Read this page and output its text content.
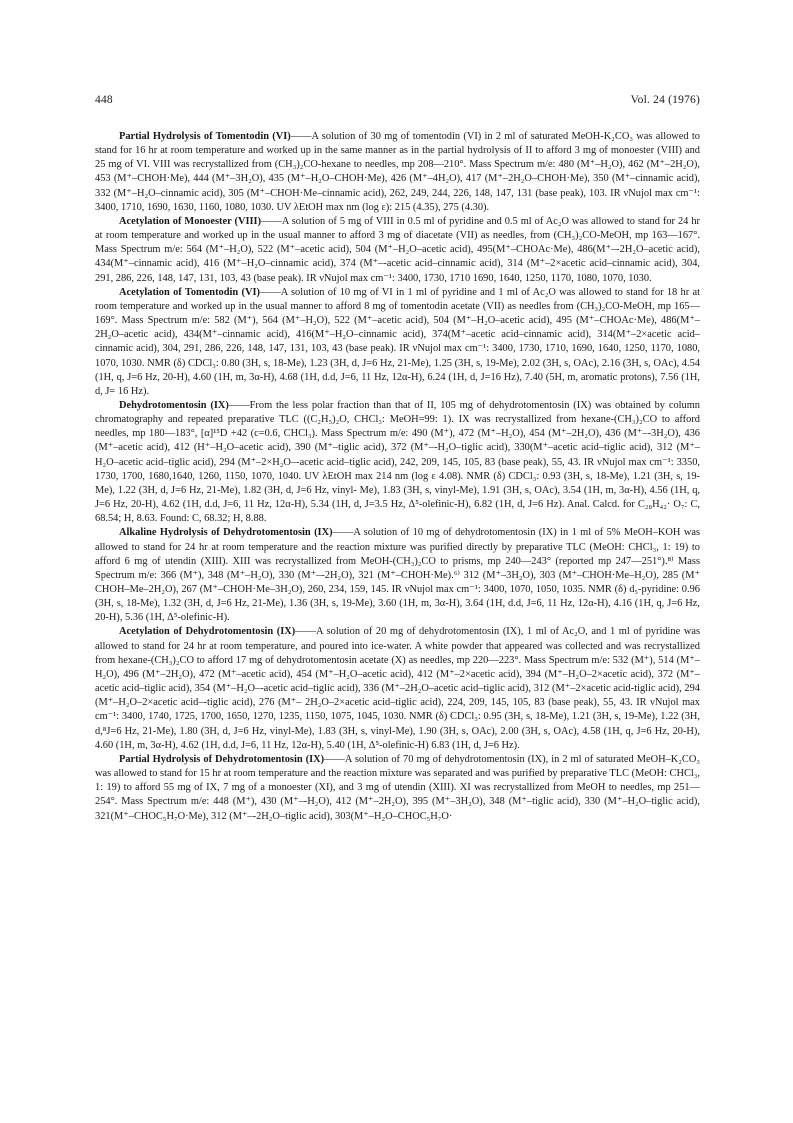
448	Vol. 24 (1976)

Partial Hydrolysis of Tomentodin (VI)——A solution of 30 mg of tomentodin (VI) in 2 ml of saturated MeOH-K₂CO₃ was allowed to stand for 16 hr at room temperature and worked up in the same manner as in the partial hydrolysis of II to afford 3 mg of monoester (VIII) and 25 mg of VI. VIII was recrystallized from (CH₃)₂CO-hexane to needles, mp 208—210°. Mass Spectrum m/e: 480 (M⁺–H₂O), 462 (M⁺–2H₂O), 453 (M⁺–CHOH·Me), 444 (M⁺–3H₂O), 435 (M⁺–H₂O–CHOH·Me), 426 (M⁺–4H₂O), 417 (M⁺–2H₂O–CHOH·Me), 350 (M⁺–cinnamic acid), 332 (M⁺–H₂O–cinnamic acid), 305 (M⁺–CHOH·Me–cinnamic acid), 262, 249, 244, 226, 148, 147, 131 (base peak), 103. IR νNujol max cm⁻¹: 3400, 1710, 1690, 1630, 1160, 1080, 1030. UV λEtOH max nm (log ε): 215 (4.35), 275 (4.30).

Acetylation of Monoester (VIII)——A solution of 5 mg of VIII in 0.5 ml of pyridine and 0.5 ml of Ac₂O was allowed to stand for 24 hr at room temperature and worked up in the usual manner to afford 3 mg of diacetate (VII) as needles, from (CH₃)₂CO-MeOH, mp 163—167°. Mass Spectrum m/e: 564 (M⁺–H₂O), 522 (M⁺–acetic acid), 504 (M⁺–H₂O–acetic acid), 495(M⁺–CHOAc·Me), 486(M⁺–-2H₂O–acetic acid), 434(M⁺–cinnamic acid), 416 (M⁺–H₂O–cinnamic acid), 374 (M⁺–-acetic acid–cinnamic acid), 314 (M⁺–2×acetic acid–cinnamic acid), 304, 291, 286, 226, 148, 147, 131, 103, 43 (base peak). IR νNujol max cm⁻¹: 3400, 1730, 1710 1690, 1640, 1250, 1170, 1080, 1070, 1030.

Acetylation of Tomentodin (VI)——A solution of 10 mg of VI in 1 ml of pyridine and 1 ml of Ac₂O was allowed to stand for 18 hr at room temperature and worked up in the usual manner to afford 8 mg of tomentodin acetate (VII) as needles from (CH₃)₂CO-MeOH, mp 165—169°. Mass Spectrum m/e: 582 (M⁺), 564 (M⁺–H₂O), 522 (M⁺–acetic acid), 504 (M⁺–H₂O–acetic acid), 495 (M⁺–CHOAc·Me), 486(M⁺–2H₂O–acetic acid), 434(M⁺–cinnamic acid), 416(M⁺–H₂O–cinnamic acid), 374(M⁺–acetic acid–cinnamic acid), 314(M⁺–2×acetic acid–cinnamic acid), 304, 291, 286, 226, 148, 147, 131, 103, 43 (base peak). IR νNujol max cm⁻¹: 3400, 1730, 1710, 1690, 1640, 1250, 1170, 1080, 1070, 1030. NMR (δ) CDCl₃: 0.80 (3H, s, 18-Me), 1.23 (3H, d, J=6 Hz, 21-Me), 1.25 (3H, s, 19-Me), 2.02 (3H, s, OAc), 2.16 (3H, s, OAc), 4.54 (1H, q, J=6 Hz, 20-H), 4.60 (1H, m, 3α-H), 4.68 (1H, d.d, J=6, 11 Hz, 12α-H), 6.24 (1H, d, J=16 Hz), 7.40 (5H, m, aromatic protons), 7.56 (1H, d, J= 16 Hz).

Dehydrotomentosin (IX)——From the less polar fraction than that of II, 105 mg of dehydrotomentosin (IX) was obtained by column chromatography and repeated preparative TLC ((C₂H₅)₂O, CHCl₃: MeOH=99: 1). IX was recrystallized from hexane-(CH₃)₂CO to afford needles, mp 180—183°, [α]¹⁵D +42 (c=0.6, CHCl₃). Mass Spectrum m/e: 490 (M⁺), 472 (M⁺–H₂O), 454 (M⁺–2H₂O), 436 (M⁺–-3H₂O), 436 (M⁺–acetic acid), 412 (H⁺–H₂O–acetic acid), 390 (M⁺–tiglic acid), 372 (M⁺–-H₂O–tiglic acid), 330(M⁺–acetic acid–tiglic acid), 312 (M⁺–H₂O–acetic acid–tiglic acid), 294 (M⁺–2×H₂O–-acetic acid–tiglic acid), 242, 209, 145, 105, 83 (base peak), 55, 43. IR νNujol max cm⁻¹: 3350, 1730, 1700, 1680,1640, 1260, 1150, 1070, 1040. UV λEtOH max 214 nm (log ε 4.08). NMR (δ) CDCl₃: 0.93 (3H, s, 18-Me), 1.21 (3H, s, 19-Me), 1.22 (3H, d, J=6 Hz, 21-Me), 1.82 (3H, d, J=6 Hz, vinyl- Me), 1.83 (3H, s, vinyl-Me), 1.91 (3H, s, OAc), 3.54 (1H, m, 3α-H), 4.56 (1H, q, J=6 Hz, 20-H), 4.62 (1H, d.d, J=6, 11 Hz, 12α-H), 5.34 (1H, d, J=3.5 Hz, Δ⁵-olefinic-H), 6.82 (1H, d, J=6 Hz). Anal. Calcd. for C₂₈H₄₂· O₇: C, 68.54; H, 8.63. Found: C, 68.32; H, 8.88.

Alkaline Hydrolysis of Dehydrotomentosin (IX)——A solution of 10 mg of dehydrotomentosin (IX) in 1 ml of 5% MeOH–KOH was allowed to stand for 24 hr at room temperature and the reaction mixture was purified directly by preparative TLC (MeOH: CHCl₃, 1: 19) to afford 6 mg of utendin (XIII). XIII was recrystallized from MeOH-(CH₃)₂CO to prisms, mp 240—243° (reported mp 247—251°).⁸⁾ Mass Spectrum m/e: 366 (M⁺), 348 (M⁺–H₂O), 330 (M⁺–-2H₂O), 321 (M⁺–CHOH·Me).⁶⁾ 312 (M⁺–3H₂O), 303 (M⁺–CHOH·Me–H₂O), 285 (M⁺ CHOH–Me–2H₂O), 267 (M⁺–CHOH·Me–3H₂O), 260, 234, 159, 145. IR νNujol max cm⁻¹: 3400, 1070, 1050, 1035. NMR (δ) d₅-pyridine: 0.96 (3H, s, 18-Me), 1.32 (3H, d, J=6 Hz, 21-Me), 1.36 (3H, s, 19-Me), 3.60 (1H, m, 3α-H), 3.64 (1H, d.d, J=6, 11 Hz, 12α-H), 4.16 (1H, q, J=6 Hz, 20-H), 5.36 (1H, Δ⁵-olefinic-H).

Acetylation of Dehydrotomentosin (IX)——A solution of 20 mg of dehydrotomentosin (IX), 1 ml of Ac₂O, and 1 ml of pyridine was allowed to stand for 24 hr at room temperature, and poured into ice-water. A white powder that appeared was collected and was recrystallized from hexane-(CH₃)₂CO to afford 17 mg of dehydrotomentosin acetate (X) as needles, mp 220—223°. Mass Spectrum m/e: 532 (M⁺), 514 (M⁺–H₂O), 496 (M⁺–2H₂O), 472 (M⁺–acetic acid), 454 (M⁺–H₂O–acetic acid), 412 (M⁺–2×acetic acid), 394 (M⁺–H₂O–2×acetic acid), 372 (M⁺–acetic acid–tiglic acid), 354 (M⁺–H₂O–-acetic acid–tiglic acid), 336 (M⁺–2H₂O–acetic acid–tiglic acid), 312 (M⁺–2×acetic acid-tiglic acid), 294 (M⁺–H₂O–2×acetic acid–-tiglic acid), 276 (M⁺– 2H₂O–2×acetic acid–tiglic acid), 224, 209, 145, 105, 83 (base peak), 55, 43. IR νNujol max cm⁻¹: 3400, 1740, 1725, 1700, 1650, 1270, 1235, 1150, 1075, 1045, 1030. NMR (δ) CDCl₃: 0.95 (3H, s, 18-Me), 1.21 (3H, s, 19-Me), 1.22 (3H, d,⁸J=6 Hz, 21-Me), 1.80 (3H, d, J=6 Hz, vinyl-Me), 1.83 (3H, s, vinyl-Me), 1.90 (3H, s, OAc), 2.00 (3H, s, OAc), 4.58 (1H, q, J=6 Hz, 20-H), 4.60 (1H, m, 3α-H), 4.62 (1H, d.d, J=6, 11 Hz, 12α-H), 5.40 (1H, Δ⁵-olefinic-H) 6.83 (1H, d, J=6 Hz).

Partial Hydrolysis of Dehydrotomentosin (IX)——A solution of 70 mg of dehydrotomentosin (IX), in 2 ml of saturated MeOH–K₂CO₃ was allowed to stand for 15 hr at room temperature and the reaction mixture was separated and was purified by preparative TLC (MeOH: CHCl₃, 1: 19) to afford 55 mg of IX, 7 mg of a monoester (XI), and 3 mg of utendin (XIII). XI was recrystallized from MeOH to needles, mp 251—254°. Mass Spectrum m/e: 448 (M⁺), 430 (M⁺–-H₂O), 412 (M⁺–2H₂O), 395 (M⁺–3H₂O), 348 (M⁺–tiglic acid), 330 (M⁺–H₂O–tiglic acid), 321(M⁺–CHOC₅H₇O·Me), 312 (M⁺–-2H₂O–tiglic acid), 303(M⁺–H₂O–CHOC₅H₇O·
